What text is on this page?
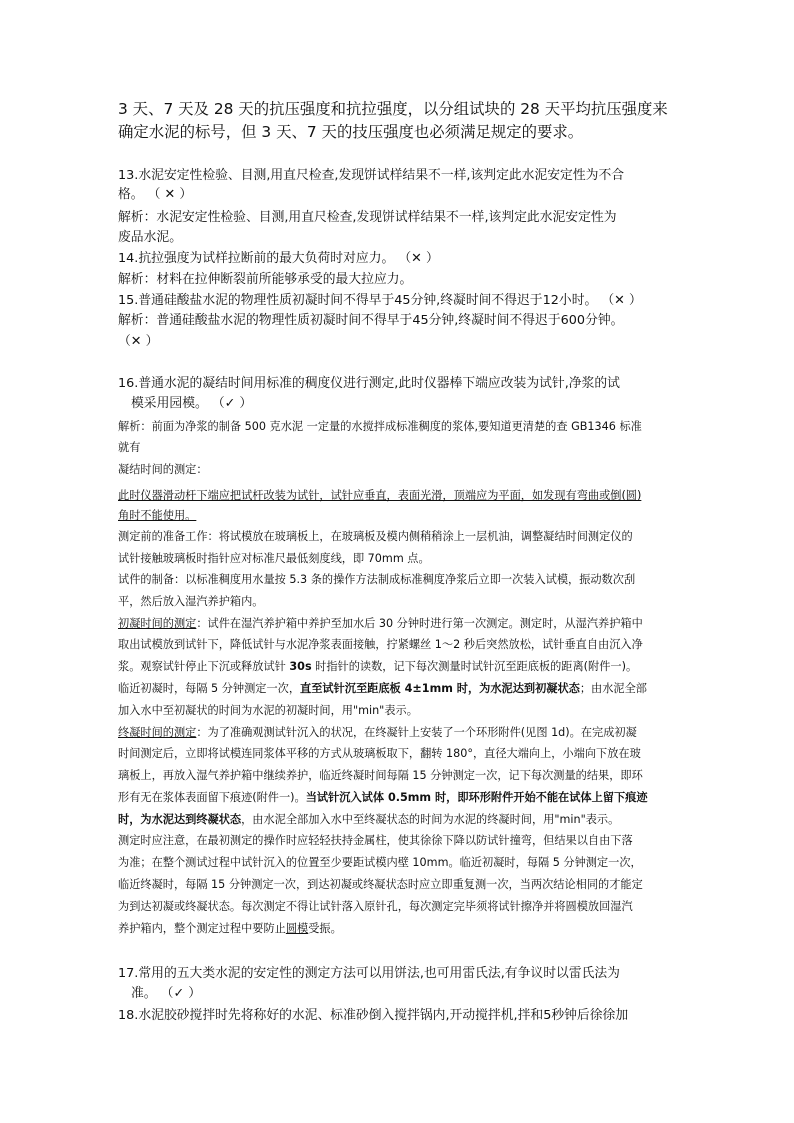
3 天、7 天及 28 天的抗压强度和抗拉强度，以分组试块的 28 天平均抗压强度来
确定水泥的标号，但 3 天、7 天的技压强度也必须满足规定的要求。
13.水泥安定性检验、目测,用直尺检查,发现饼试样结果不一样,该判定此水泥安定性为不合
格。 （ ✕ ）
解析：水泥安定性检验、目测,用直尺检查,发现饼试样结果不一样,该判定此水泥安定性为
废品水泥。
14.抗拉强度为试样拉断前的最大负荷时对应力。 （✕ ）
解析：材料在拉伸断裂前所能够承受的最大拉应力。
15.普通硅酸盐水泥的物理性质初凝时间不得早于45分钟,终凝时间不得迟于12小时。 （✕ ）
解析：普通硅酸盐水泥的物理性质初凝时间不得早于45分钟,终凝时间不得迟于600分钟。
（✕ ）
16.普通水泥的凝结时间用标准的稠度仪进行测定,此时仪器棒下端应改装为试针,净浆的试
模采用园模。 （✓ ）
解析：前面为净浆的制备 500 克水泥 一定量的水搅拌成标准稠度的浆体,要知道更清楚的查 GB1346 标准
就有
凝结时间的测定：
此时仪器滑动杆下端应把试杆改装为试针，试针应垂直，表面光滑，顶端应为平面，如发现有弯曲或倒(圆)
角时不能使用。
测定前的准备工作：将试模放在玻璃板上，在玻璃板及模内侧稍稍涂上一层机油，调整凝结时间测定仪的
试针接触玻璃板时指针应对标准尺最低刻度线，即 70mm 点。
试件的制备：以标准稠度用水量按 5.3 条的操作方法制成标准稠度净浆后立即一次装入试模，振动数次刮
平，然后放入湿汽养护箱内。
初凝时间的测定：试件在湿汽养护箱中养护至加水后 30 分钟时进行第一次测定。测定时，从湿汽养护箱中
取出试模放到试针下，降低试针与水泥净浆表面接触，拧紧螺丝 1～2 秒后突然放松，试针垂直自由沉入净
浆。观察试针停止下沉或释放试针 30s 时指针的读数，记下每次测量时试针沉至距底板的距离(附件一)。
临近初凝时，每隔 5 分钟测定一次，直至试针沉至距底板 4±1mm 时，为水泥达到初凝状态；由水泥全部
加入水中至初凝状的时间为水泥的初凝时间，用"min"表示。
终凝时间的测定：为了准确观测试针沉入的状况，在终凝针上安装了一个环形附件(见图 1d)。在完成初凝
时间测定后，立即将试模连同浆体平移的方式从玻璃板取下，翻转 180°，直径大端向上，小端向下放在玻
璃板上，再放入湿气养护箱中继续养护，临近终凝时间每隔 15 分钟测定一次，记下每次测量的结果，即环
形有无在浆体表面留下痕迹(附件一)。当试针沉入试体 0.5mm 时，即环形附件开始不能在试体上留下痕迹
时，为水泥达到终凝状态，由水泥全部加入水中至终凝状态的时间为水泥的终凝时间，用"min"表示。
测定时应注意，在最初测定的操作时应轻轻扶持金属柱，使其徐徐下降以防试针撞弯，但结果以自由下落
为准；在整个测试过程中试针沉入的位置至少要距试模内壁 10mm。临近初凝时，每隔 5 分钟测定一次，
临近终凝时，每隔 15 分钟测定一次，到达初凝或终凝状态时应立即重复测一次，当两次结论相同的才能定
为到达初凝或终凝状态。每次测定不得让试针落入原针孔，每次测定完毕须将试针擦净并将圆模放回湿汽
养护箱内，整个测定过程中要防止圆模受振。
17.常用的五大类水泥的安定性的测定方法可以用饼法,也可用雷氏法,有争议时以雷氏法为
准。 （✓ ）
18.水泥胶砂搅拌时先将称好的水泥、标准砂倒入搅拌锅内,开动搅拌机,拌和5秒钟后徐徐加
